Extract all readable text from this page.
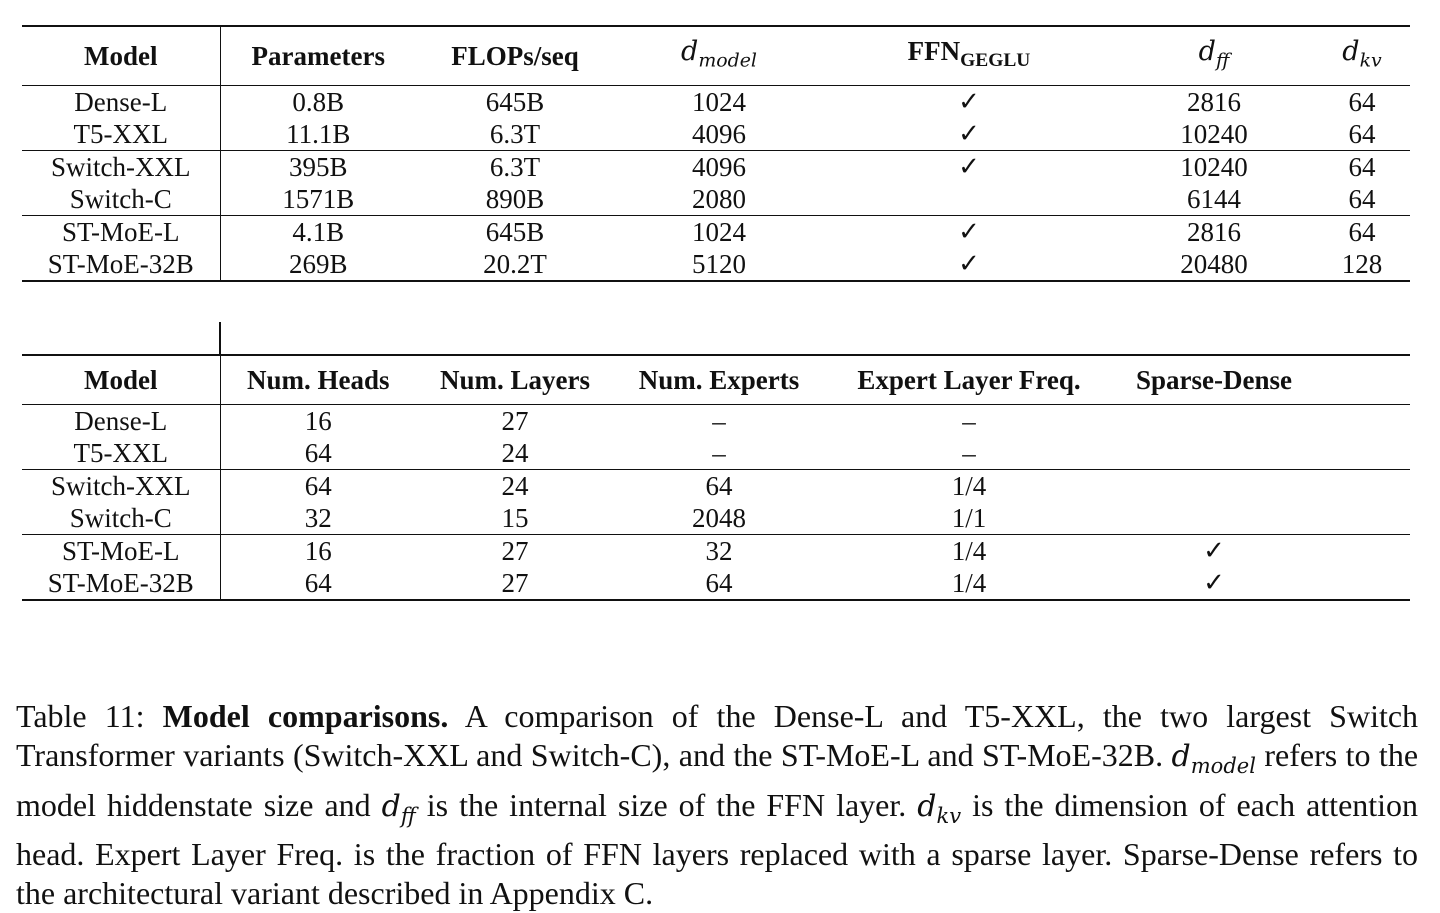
Model	Parameters	FLOPs/seq	$d_{model}$	$FFN_{GEGLU}$	$d_{ff}$	$d_{kv}$
Dense-L	0.8B	645B	1024	✓	2816	64
T5-XXL	11.1B	6.3T	4096	✓	10240	64
Switch-XXL	395B	6.3T	4096	✓	10240	64
Switch-C	1571B	890B	2080		6144	64
ST-MoE-L	4.1B	645B	1024	✓	2816	64
ST-MoE-32B	269B	20.2T	5120	✓	20480	128
Model	Num. Heads	Num. Layers	Num. Experts	Expert Layer Freq.	Sparse-Dense	
Dense-L	16	27	–	–		
T5-XXL	64	24	–	–		
Switch-XXL	64	24	64	1/4		
Switch-C	32	15	2048	1/1		
ST-MoE-L	16	27	32	1/4	✓	
ST-MoE-32B	64	27	64	1/4	✓	
Table 11: Model comparisons. A comparison of the Dense-L and T5-XXL, the two largest Switch Transformer variants (Switch-XXL and Switch-C), and the ST-MoE-L and ST-MoE-32B. $d_{model}$ refers to the model hiddenstate size and $d_{ff}$ is the internal size of the FFN layer. $d_{kv}$ is the dimension of each attention head. Expert Layer Freq. is the fraction of FFN layers replaced with a sparse layer. Sparse-Dense refers to the architectural variant described in Appendix C.
